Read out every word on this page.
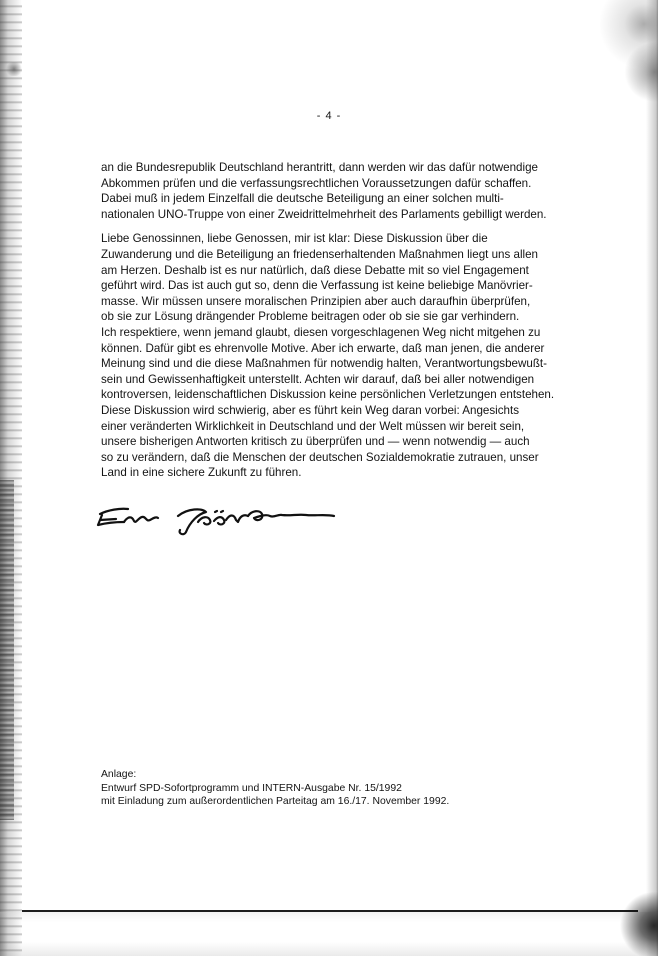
- 4 -

an die Bundesrepublik Deutschland herantritt, dann werden wir das dafür notwendige
Abkommen prüfen und die verfassungsrechtlichen Voraussetzungen dafür schaffen.
Dabei muß in jedem Einzelfall die deutsche Beteiligung an einer solchen multi-
nationalen UNO-Truppe von einer Zweidrittelmehrheit des Parlaments gebilligt werden.

Liebe Genossinnen, liebe Genossen, mir ist klar: Diese Diskussion über die
Zuwanderung und die Beteiligung an friedenserhaltenden Maßnahmen liegt uns allen
am Herzen. Deshalb ist es nur natürlich, daß diese Debatte mit so viel Engagement
geführt wird. Das ist auch gut so, denn die Verfassung ist keine beliebige Manövrier-
masse. Wir müssen unsere moralischen Prinzipien aber auch daraufhin überprüfen,
ob sie zur Lösung drängender Probleme beitragen oder ob sie sie gar verhindern.
Ich respektiere, wenn jemand glaubt, diesen vorgeschlagenen Weg nicht mitgehen zu
können. Dafür gibt es ehrenvolle Motive. Aber ich erwarte, daß man jenen, die anderer
Meinung sind und die diese Maßnahmen für notwendig halten, Verantwortungsbewußt-
sein und Gewissenhaftigkeit unterstellt. Achten wir darauf, daß bei aller notwendigen
kontroversen, leidenschaftlichen Diskussion keine persönlichen Verletzungen entstehen.
Diese Diskussion wird schwierig, aber es führt kein Weg daran vorbei: Angesichts
einer veränderten Wirklichkeit in Deutschland und der Welt müssen wir bereit sein,
unsere bisherigen Antworten kritisch zu überprüfen und — wenn notwendig — auch
so zu verändern, daß die Menschen der deutschen Sozialdemokratie zutrauen, unser
Land in eine sichere Zukunft zu führen.

Anlage:
Entwurf SPD-Sofortprogramm und INTERN-Ausgabe Nr. 15/1992
mit Einladung zum außerordentlichen Parteitag am 16./17. November 1992.
